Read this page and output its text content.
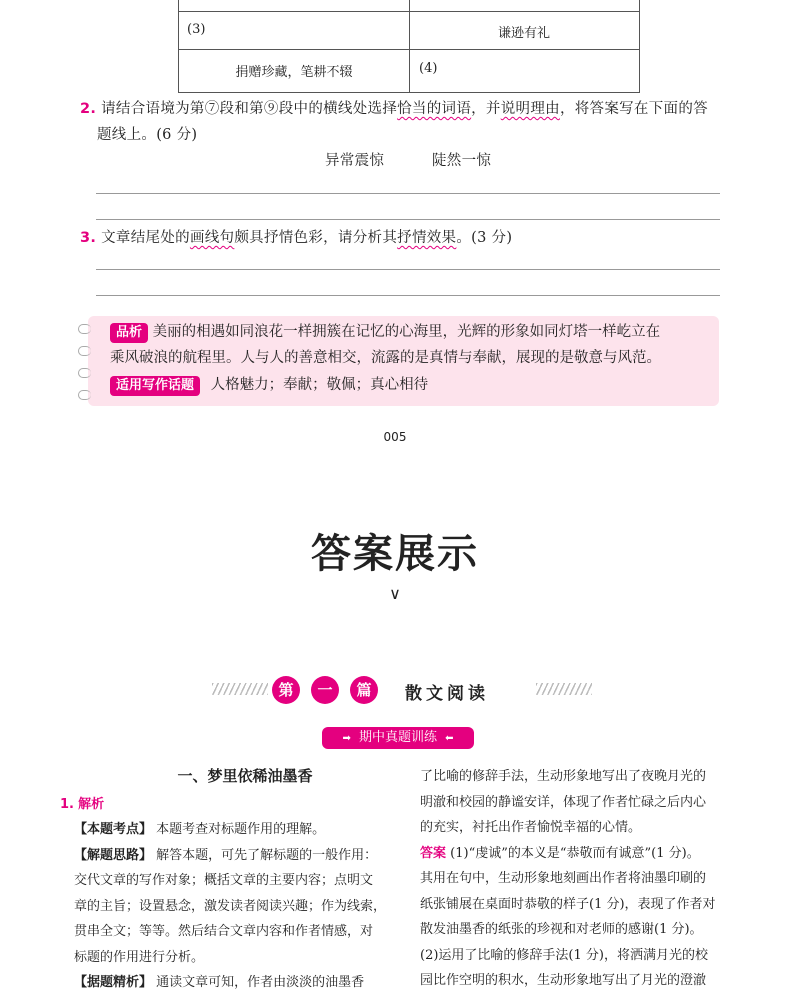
(3)	谦逊有礼
捐赠珍藏，笔耕不辍	(4)
2. 请结合语境为第⑦段和第⑨段中的横线处选择恰当的词语，并说明理由，将答案写在下面的答
题线上。(6 分)
异常震惊	陡然一惊
3. 文章结尾处的画线句颇具抒情色彩，请分析其抒情效果。(3 分)
品析 美丽的相遇如同浪花一样拥簇在记忆的心海里，光辉的形象如同灯塔一样屹立在
乘风破浪的航程里。人与人的善意相交，流露的是真情与奉献，展现的是敬意与风范。
适用写作话题 人格魅力；奉献；敬佩；真心相待
005
答案展示
∨
第	一	篇	散文阅读
➡ 期中真题训练 ⬅

一、梦里依稀油墨香

1. 解析

【本题考点】 本题考查对标题作用的理解。

【解题思路】 解答本题，可先了解标题的一般作用：

交代文章的写作对象；概括文章的主要内容；点明文

章的主旨；设置悬念，激发读者阅读兴趣；作为线索，

贯串全文；等等。然后结合文章内容和作者情感，对

标题的作用进行分析。

【据题精析】 通读文章可知，作者由淡淡的油墨香

了比喻的修辞手法，生动形象地写出了夜晚月光的

明澈和校园的静谧安详，体现了作者忙碌之后内心

的充实，衬托出作者愉悦幸福的心情。

答案 (1)“虔诚”的本义是“恭敬而有诚意”(1 分)。

其用在句中，生动形象地刻画出作者将油墨印刷的

纸张铺展在桌面时恭敬的样子(1 分)，表现了作者对

散发油墨香的纸张的珍视和对老师的感谢(1 分)。

(2)运用了比喻的修辞手法(1 分)，将洒满月光的校

园比作空明的积水，生动形象地写出了月光的澄澈
